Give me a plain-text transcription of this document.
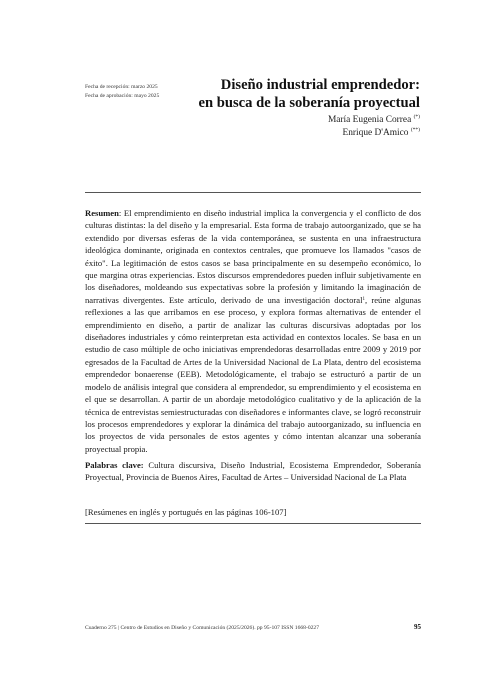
Fecha de recepción: marzo 2025
Fecha de aprobación: mayo 2025
Diseño industrial emprendedor:
en busca de la soberanía proyectual
María Eugenia Correa (*)
Enrique D'Amico (**)
Resumen: El emprendimiento en diseño industrial implica la convergencia y el conflicto de dos culturas distintas: la del diseño y la empresarial. Esta forma de trabajo autoorganizado, que se ha extendido por diversas esferas de la vida contemporánea, se sustenta en una infraestructura ideológica dominante, originada en contextos centrales, que promueve los llamados "casos de éxito". La legitimación de estos casos se basa principalmente en su desempeño económico, lo que margina otras experiencias. Estos discursos emprendedores pueden influir subjetivamente en los diseñadores, moldeando sus expectativas sobre la profesión y limitando la imaginación de narrativas divergentes. Este artículo, derivado de una investigación doctoral$^1$, reúne algunas reflexiones a las que arribamos en ese proceso, y explora formas alternativas de entender el emprendimiento en diseño, a partir de analizar las culturas discursivas adoptadas por los diseñadores industriales y cómo reinterpretan esta actividad en contextos locales. Se basa en un estudio de caso múltiple de ocho iniciativas emprendedoras desarrolladas entre 2009 y 2019 por egresados de la Facultad de Artes de la Universidad Nacional de La Plata, dentro del ecosistema emprendedor bonaerense (EEB). Metodológicamente, el trabajo se estructuró a partir de un modelo de análisis integral que considera al emprendedor, su emprendimiento y el ecosistema en el que se desarrollan. A partir de un abordaje metodológico cualitativo y de la aplicación de la técnica de entrevistas semiestructuradas con diseñadores e informantes clave, se logró reconstruir los procesos emprendedores y explorar la dinámica del trabajo autoorganizado, su influencia en los proyectos de vida personales de estos agentes y cómo intentan alcanzar una soberanía proyectual propia.
Palabras clave: Cultura discursiva, Diseño Industrial, Ecosistema Emprendedor, Soberanía Proyectual, Provincia de Buenos Aires, Facultad de Artes – Universidad Nacional de La Plata
[Resúmenes en inglés y portugués en las páginas 106-107]
Cuaderno 275 | Centro de Estudios en Diseño y Comunicación (2025/2026). pp 95-107 ISSN 1668-0227	95
